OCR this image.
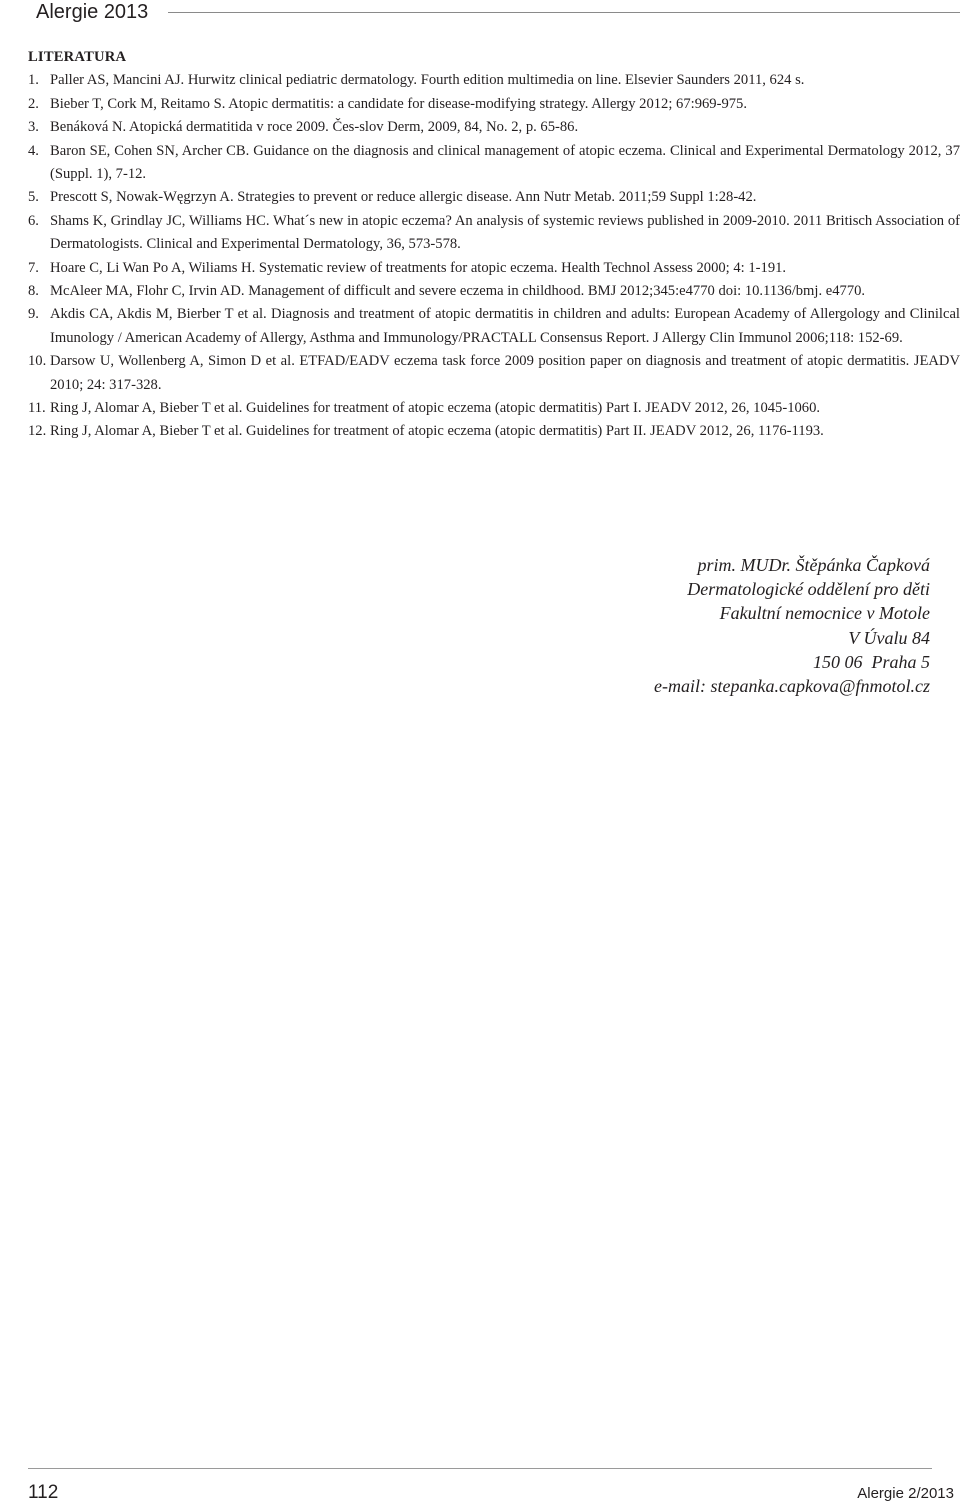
Alergie 2013
LITERATURA
1. Paller AS, Mancini AJ. Hurwitz clinical pediatric dermatology. Fourth edition multimedia on line. Elsevier Saunders 2011, 624 s.
2. Bieber T, Cork M, Reitamo S. Atopic dermatitis: a candidate for disease-modifying strategy. Allergy 2012; 67:969-975.
3. Benáková N. Atopická dermatitida v roce 2009. Čes-slov Derm, 2009, 84, No. 2, p. 65-86.
4. Baron SE, Cohen SN, Archer CB. Guidance on the diagnosis and clinical management of atopic eczema. Clinical and Experimental Dermatology 2012, 37 (Suppl. 1), 7-12.
5. Prescott S, Nowak-Węgrzyn A. Strategies to prevent or reduce allergic disease. Ann Nutr Metab. 2011;59 Suppl 1:28-42.
6. Shams K, Grindlay JC, Williams HC. What´s new in atopic eczema? An analysis of systemic reviews published in 2009-2010. 2011 Britisch Association of Dermatologists. Clinical and Experimental Dermatology, 36, 573-578.
7. Hoare C, Li Wan Po A, Wiliams H. Systematic review of treatments for atopic eczema. Health Technol Assess 2000; 4: 1-191.
8. McAleer MA, Flohr C, Irvin AD. Management of difficult and severe eczema in childhood. BMJ 2012;345:e4770 doi: 10.1136/bmj. e4770.
9. Akdis CA, Akdis M, Bierber T et al. Diagnosis and treatment of atopic dermatitis in children and adults: European Academy of Allergology and Clinilcal Imunology / American Academy of Allergy, Asthma and Immunology/PRACTALL Consensus Report. J Allergy Clin Immunol 2006;118: 152-69.
10. Darsow U, Wollenberg A, Simon D et al. ETFAD/EADV eczema task force 2009 position paper on diagnosis and treatment of atopic dermatitis. JEADV 2010; 24: 317-328.
11. Ring J, Alomar A, Bieber T et al. Guidelines for treatment of atopic eczema (atopic dermatitis) Part I. JEADV 2012, 26, 1045-1060.
12. Ring J, Alomar A, Bieber T et al. Guidelines for treatment of atopic eczema (atopic dermatitis) Part II. JEADV 2012, 26, 1176-1193.
prim. MUDr. Štěpánka Čapková
Dermatologické oddělení pro děti
Fakultní nemocnice v Motole
V Úvalu 84
150 06  Praha 5
e-mail: stepanka.capkova@fnmotol.cz
112	Alergie 2/2013
